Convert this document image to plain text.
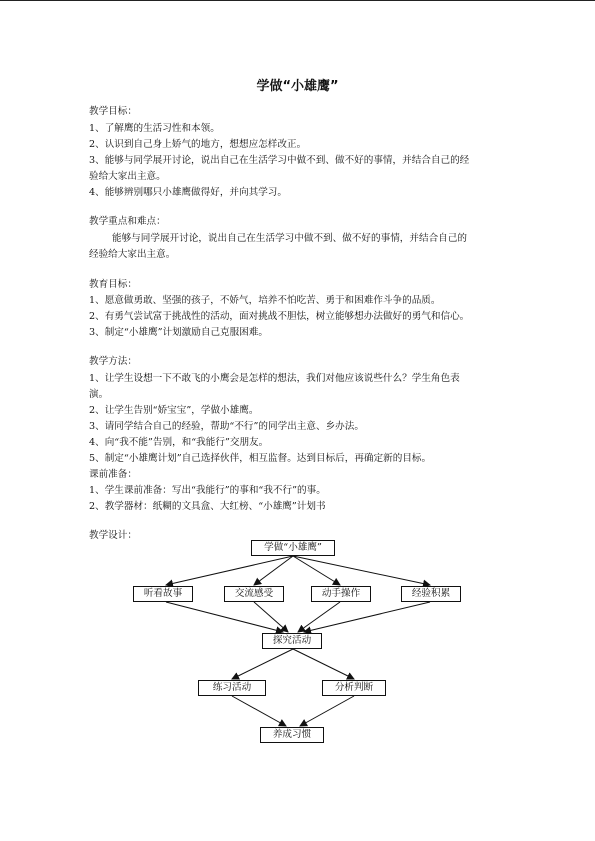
学做“小雄鹰”
教学目标：
1、了解鹰的生活习性和本领。
2、认识到自己身上娇气的地方，想想应怎样改正。
3、能够与同学展开讨论，说出自己在生活学习中做不到、做不好的事情，并结合自己的经
验给大家出主意。
4、能够辨别哪只小雄鹰做得好，并向其学习。
教学重点和难点：
能够与同学展开讨论，说出自己在生活学习中做不到、做不好的事情，并结合自己的
经验给大家出主意。
教育目标：
1、愿意做勇敢、坚强的孩子，不娇气，培养不怕吃苦、勇于和困难作斗争的品质。
2、有勇气尝试富于挑战性的活动，面对挑战不胆怯，树立能够想办法做好的勇气和信心。
3、制定“小雄鹰”计划激励自己克服困难。
教学方法：
1、让学生设想一下不敢飞的小鹰会是怎样的想法，我们对他应该说些什么？学生角色表
演。
2、让学生告别“娇宝宝”，学做小雄鹰。
3、请同学结合自己的经验，帮助“不行”的同学出主意、乡办法。
4、向“我不能”告别，和“我能行”交朋友。
5、制定“小雄鹰计划”自己选择伙伴，相互监督。达到目标后，再确定新的目标。
课前准备：
1、学生课前准备：写出“我能行”的事和“我不行”的事。
2、教学器材：纸糊的文具盒、大红榜、“小雄鹰”计划书
教学设计：
学做“小雄鹰”
听看故事	交流感受	动手操作	经验积累
探究活动
练习活动	分析判断
养成习惯
